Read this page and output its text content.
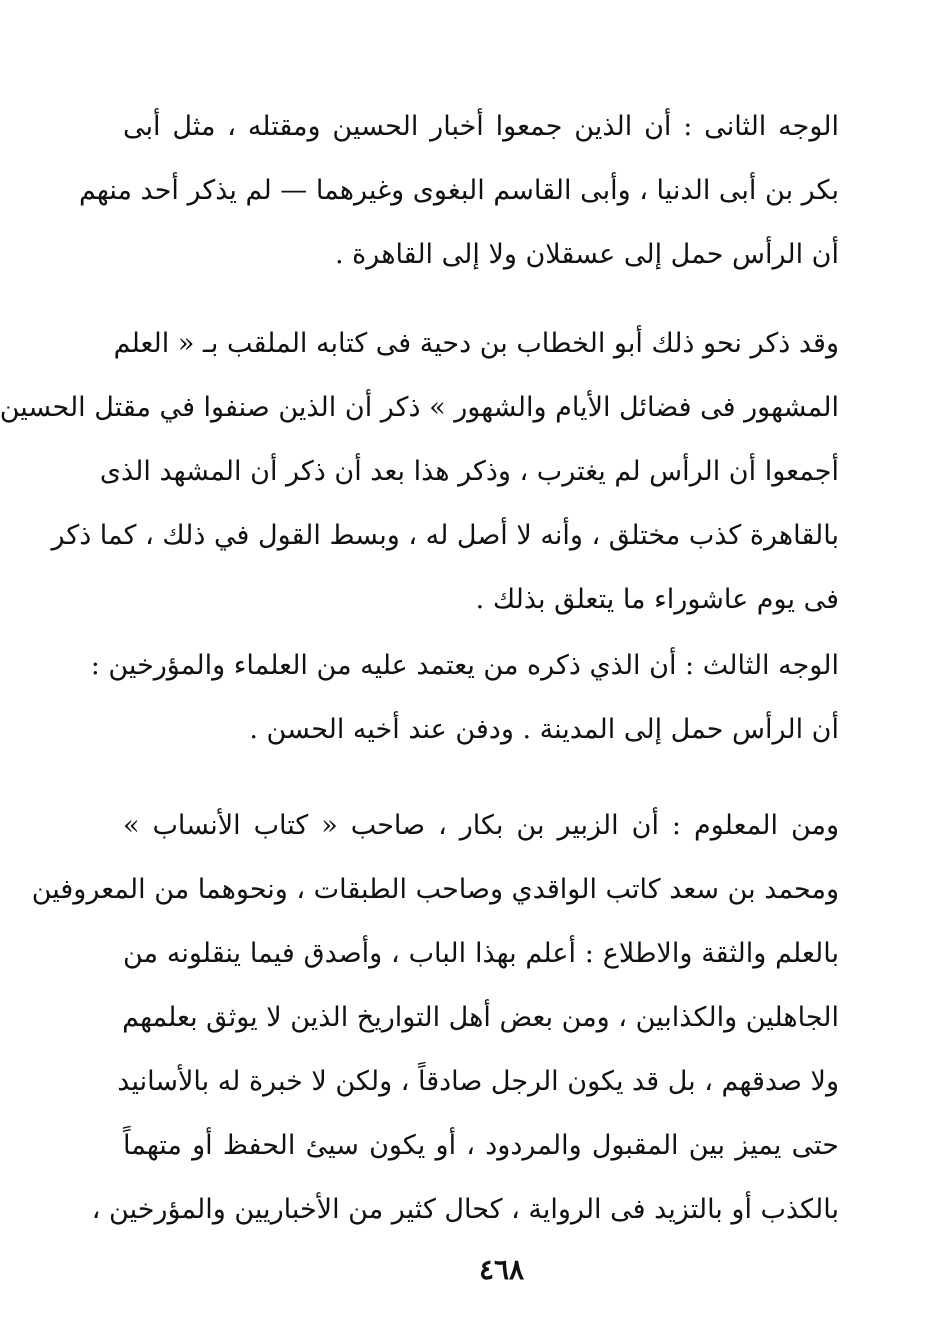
الوجه الثانى : أن الذين جمعوا أخبار الحسين ومقتله ، مثل أبى
بكر بن أبى الدنيا ، وأبى القاسم البغوى وغيرهما — لم يذكر أحد منهم
أن الرأس حمل إلى عسقلان ولا إلى القاهرة .
وقد ذكر نحو ذلك أبو الخطاب بن دحية فى كتابه الملقب بـ « العلم
المشهور فى فضائل الأيام والشهور » ذكر أن الذين صنفوا في مقتل الحسين
أجمعوا أن الرأس لم يغترب ، وذكر هذا بعد أن ذكر أن المشهد الذى
بالقاهرة كذب مختلق ، وأنه لا أصل له ، وبسط القول في ذلك ، كما ذكر
فى يوم عاشوراء ما يتعلق بذلك .
الوجه الثالث : أن الذي ذكره من يعتمد عليه من العلماء والمؤرخين :
أن الرأس حمل إلى المدينة . ودفن عند أخيه الحسن .
ومن المعلوم : أن الزبير بن بكار ، صاحب « كتاب الأنساب »
ومحمد بن سعد كاتب الواقدي وصاحب الطبقات ، ونحوهما من المعروفين
بالعلم والثقة والاطلاع : أعلم بهذا الباب ، وأصدق فيما ينقلونه من
الجاهلين والكذابين ، ومن بعض أهل التواريخ الذين لا يوثق بعلمهم
ولا صدقهم ، بل قد يكون الرجل صادقاً ، ولكن لا خبرة له بالأسانيد
حتى يميز بين المقبول والمردود ، أو يكون سيئ الحفظ أو متهماً
بالكذب أو بالتزيد فى الرواية ، كحال كثير من الأخباريين والمؤرخين ،
٤٦٨
